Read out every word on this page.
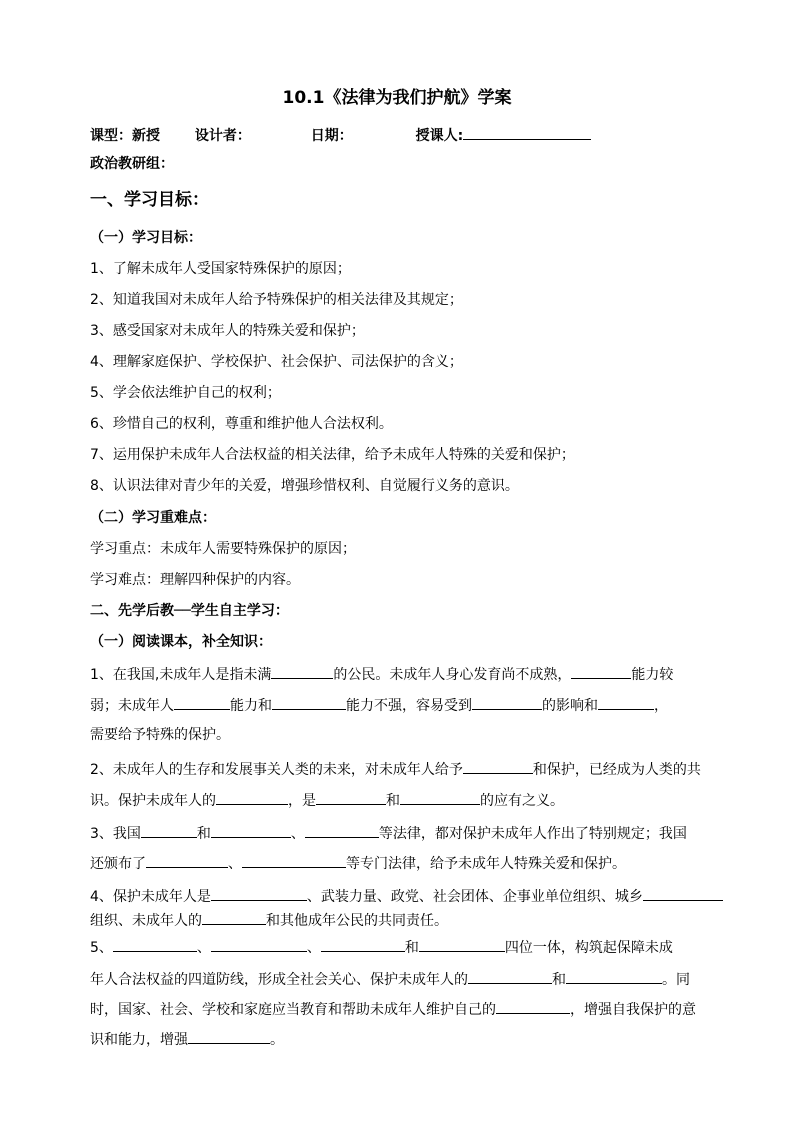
10.1《法律为我们护航》学案
课型：新授 设计者：	日期：	授课人:
政治教研组：
一、学习目标：
（一）学习目标：
1、了解未成年人受国家特殊保护的原因；
2、知道我国对未成年人给予特殊保护的相关法律及其规定；
3、感受国家对未成年人的特殊关爱和保护；
4、理解家庭保护、学校保护、社会保护、司法保护的含义；
5、学会依法维护自己的权利；
6、珍惜自己的权利，尊重和维护他人合法权利。
7、运用保护未成年人合法权益的相关法律，给予未成年人特殊的关爱和保护；
8、认识法律对青少年的关爱，增强珍惜权利、自觉履行义务的意识。
（二）学习重难点：
学习重点：未成年人需要特殊保护的原因；
学习难点：理解四种保护的内容。
二、先学后教──学生自主学习：
（一）阅读课本，补全知识：
1、在我国,未成年人是指未满	的公民。未成年人身心发育尚不成熟，	能力较
弱；未成年人	能力和	能力不强，容易受到	的影响和	，
需要给予特殊的保护。
2、未成年人的生存和发展事关人类的未来，对未成年人给予	和保护，已经成为人类的共
识。保护未成年人的	，是	和	的应有之义。
3、我国	和	、	等法律，都对保护未成年人作出了特别规定；我国
还颁布了	、	等专门法律，给予未成年人特殊关爱和保护。
4、保护未成年人是	、武装力量、政党、社会团体、企事业单位组织、城乡
组织、未成年人的	和其他成年公民的共同责任。
5、	、	、	和	四位一体，构筑起保障未成
年人合法权益的四道防线，形成全社会关心、保护未成年人的	和	。同
时，国家、社会、学校和家庭应当教育和帮助未成年人维护自己的	，增强自我保护的意
识和能力，增强	。
